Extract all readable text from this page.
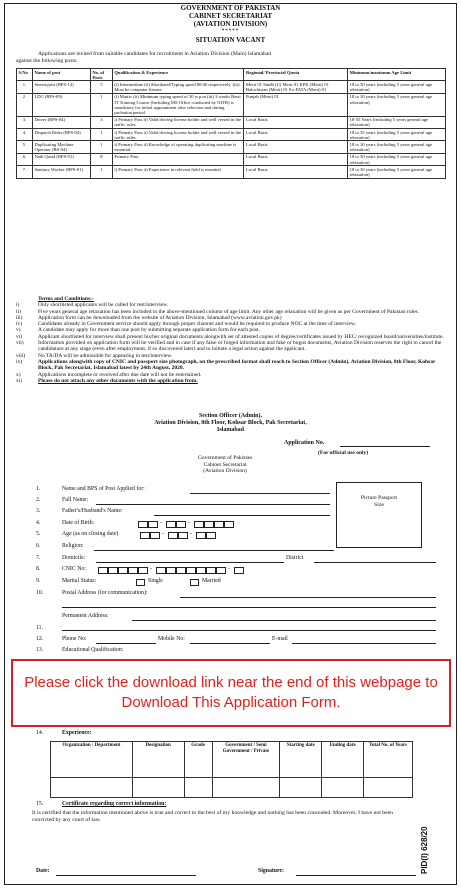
GOVERNMENT OF PAKISTAN
CABINET SECRETARIAT
(AVIATION DIVISION)
*****
SITUATION VACANT
Applications are invited from suitable candidates for recruitment in Aviation Division (Main) Islamabad
against the following posts:
S.No	Name of post	No. of Posts	Qualification & Experience	Regional/ Provincial Quota	Minimum/maximum Age Limit
1.	Stenotypist (BPS-14)	5	(i) Intermediate (ii) Shorthand/Typing speed 80/40 respectively. (iii) Must be computer literate	Merit 01 Sindh (U) Merit 01 KPK (Merit) 01 Balochistan (Merit) 01 Ex-FATA (Merit) 01	18 to 30 years (including 5 years general age relaxation)
2.	LDC (BPS-09)	1	(i) Matric (ii) Minimum typing speed of 30 w.p.m (iii) 3 weeks Basic IT Training Course (Including MS Office conducted by NITB) is mandatory for initial appointment after selection and during probation period	Punjab (Merit) 01	18 to 30 years (including 5 years general age relaxation)
3.	Driver (BPS-04)	3	i) Primary Pass ii) Valid driving license holder and well versed in the traffic rules	Local Basis	18-35 Years (including 5 years general age relaxation)
4.	Dispatch Rider (BPS-04)	1	i) Primary Pass ii) Valid driving license holder and well versed in the traffic rules	Local Basis	18 to 35 years (including 5 years general age relaxation)
5.	Duplicating Machine Operator (BS-04)	1	i) Primary Pass ii) Knowledge of operating duplicating machine is essential.	Local Basis	18 to 30 years (including 5 years general age relaxation)
6.	Naib Qasid (BPS-01)	8	Primary Pass	Local Basis	18 to 30 years (including 5 years general age relaxation)
7.	Sanitary Worker (BPS-01)	1	i) Primary Pass ii) Experience in relevant field is essential	Local Basis	18 to 30 years (including 5 years general age relaxation)
Terms and Conditions:-
i)	Only shortlisted applicants will be called for test/interview.
ii)	Five years general age relaxation has been included in the above-mentioned column of age limit. Any other age relaxation will be given as per Government of Pakistan rules.
iii)	Application form can be downloaded from the website of Aviation Division, Islamabad (www.aviation.gov.pk)
iv)	Candidates already in Government service should apply through proper channel and would be required to produce NOC at the time of interview.
v)	A candidate may apply for more than one post by submitting separate application form for each post.
vi)	Applicant shortlisted for interview shall present his/her original documents alongwith set of attested copies of degree/certificates issued by HEC/ recognized board/universities/institute.
vii)	Information provided on application form will be verified and in case if any false or forged information and fake or bogus documents, Aviation Division reserves the right to cancel the candidature at any stage (even after employment, if so discovered later) and to initiate a legal action against the applicant.
viii)	No TA/DA will be admissible for appearing in test/interview.
ix)	Applications alongwith copy of CNIC and passport size photograph, on the prescribed format shall reach to Section Officer (Admin), Aviation Division, 8th Floor, Kohsar Block, Pak Secretariat, Islamabad latest by 24th August, 2020.
x)	Applications incomplete or received after due date will not be entertained.
xi)	Please do not attach any other documents with the application from.
Section Officer (Admin),
Aviation Division, 8th Floor, Kohsar Block, Pak Secretariat,
Islamabad
Application No.
(For official use only)
Government of Pakistan
Cabinet Secretariat
(Aviation Division)
Picture Passport
Size
1.	Name and BPS of Post Applied for:
2.	Full Name:
3.	Father's/Husband's Name:
4.	Date of Birth:	-	-
5.	Age (as on closing date)	-	-
6.	Religion:
7.	Domicile:	District
8.	CNIC No:	-	-
9.	Marital Status:	Single	Married
10.	Postal Address (for communication):
Permanent Address:
11.
12.	Phone No:	Mobile No:	E-mail
13.	Educational Qualification:
Please click the download link near the end of this webpage to Download This Application Form.
14.	Experience:
Organization / Department	Designation	Grade	Government / Semi Government / Private	Starting date	Ending date	Total No. of Years

15.	Certificate regarding correct information:
It is certified that the information mentioned above is true and correct to the best of my knowledge and nothing has been concealed. Moreover, I have not been convicted by any court of law.
Date:	Signature:	PID(I) 628/20
